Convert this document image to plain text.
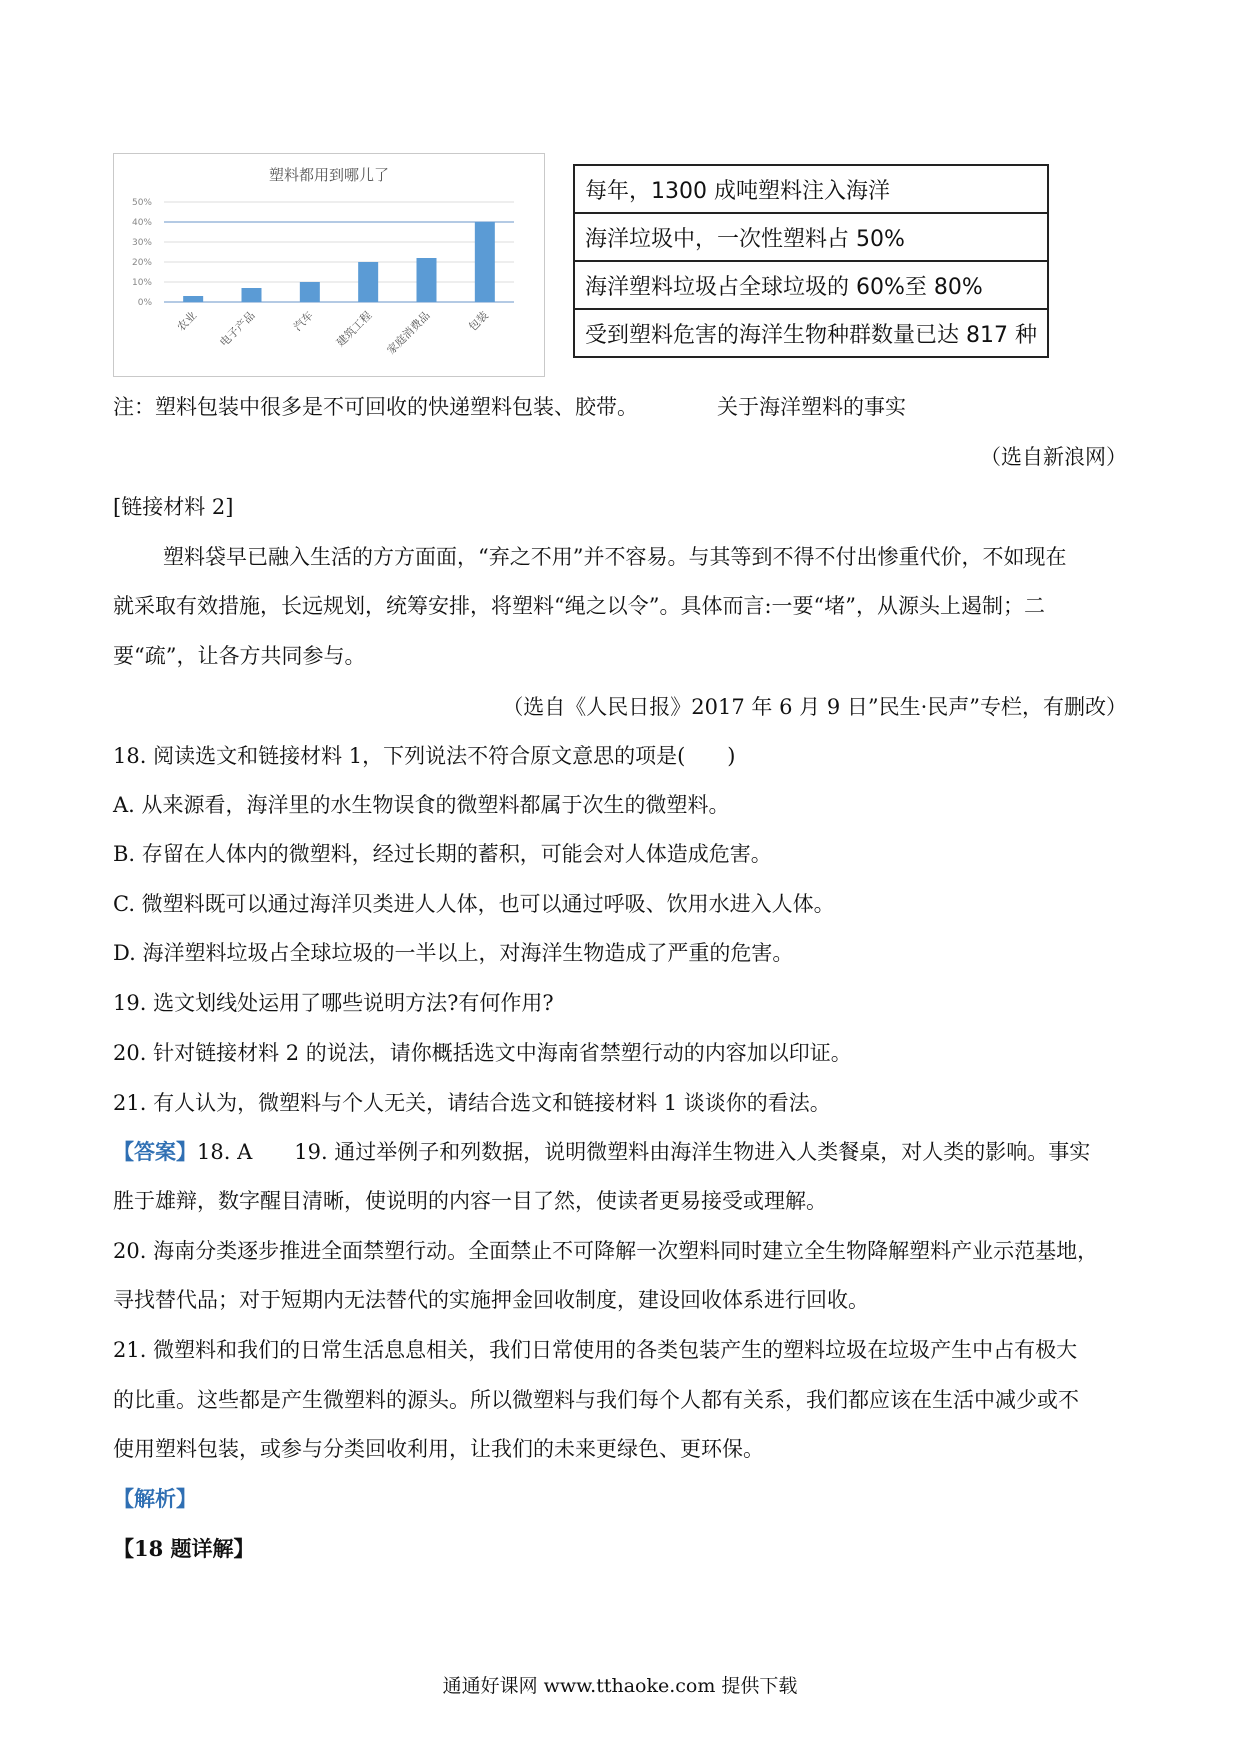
塑料都用到哪儿了
50%
40%
30%
20%
10%
0%
农业 电子产品	汽车 建筑工程 家庭消费品	包装
每年，1300 成吨塑料注入海洋
海洋垃圾中，一次性塑料占 50%
海洋塑料垃圾占全球垃圾的 60%至 80%
受到塑料危害的海洋生物种群数量已达 817 种
注：塑料包装中很多是不可回收的快递塑料包装、胶带。	关于海洋塑料的事实
（选自新浪网）
[链接材料 2]
塑料袋早已融入生活的方方面面，“弃之不用”并不容易。与其等到不得不付出惨重代价，不如现在
就采取有效措施，长远规划，统筹安排，将塑料“绳之以令”。具体而言:一要“堵”，从源头上遏制；二
要“疏”，让各方共同参与。
（选自《人民日报》2017 年 6 月 9 日”民生·民声”专栏，有删改）
18. 阅读选文和链接材料 1，下列说法不符合原文意思的项是(　　)
A. 从来源看，海洋里的水生物误食的微塑料都属于次生的微塑料。
B. 存留在人体内的微塑料，经过长期的蓄积，可能会对人体造成危害。
C. 微塑料既可以通过海洋贝类进人人体，也可以通过呼吸、饮用水进入人体。
D. 海洋塑料垃圾占全球垃圾的一半以上，对海洋生物造成了严重的危害。
19. 选文划线处运用了哪些说明方法?有何作用?
20. 针对链接材料 2 的说法，请你概括选文中海南省禁塑行动的内容加以印证。
21. 有人认为，微塑料与个人无关，请结合选文和链接材料 1 谈谈你的看法。
【答案】18. A　　19. 通过举例子和列数据，说明微塑料由海洋生物进入人类餐桌，对人类的影响。事实
胜于雄辩，数字醒目清晰，使说明的内容一目了然，使读者更易接受或理解。
20. 海南分类逐步推进全面禁塑行动。全面禁止不可降解一次塑料同时建立全生物降解塑料产业示范基地，
寻找替代品；对于短期内无法替代的实施押金回收制度，建设回收体系进行回收。
21. 微塑料和我们的日常生活息息相关，我们日常使用的各类包装产生的塑料垃圾在垃圾产生中占有极大
的比重。这些都是产生微塑料的源头。所以微塑料与我们每个人都有关系，我们都应该在生活中减少或不
使用塑料包装，或参与分类回收利用，让我们的未来更绿色、更环保。
【解析】
【18 题详解】
通通好课网 www.tthaoke.com 提供下载
